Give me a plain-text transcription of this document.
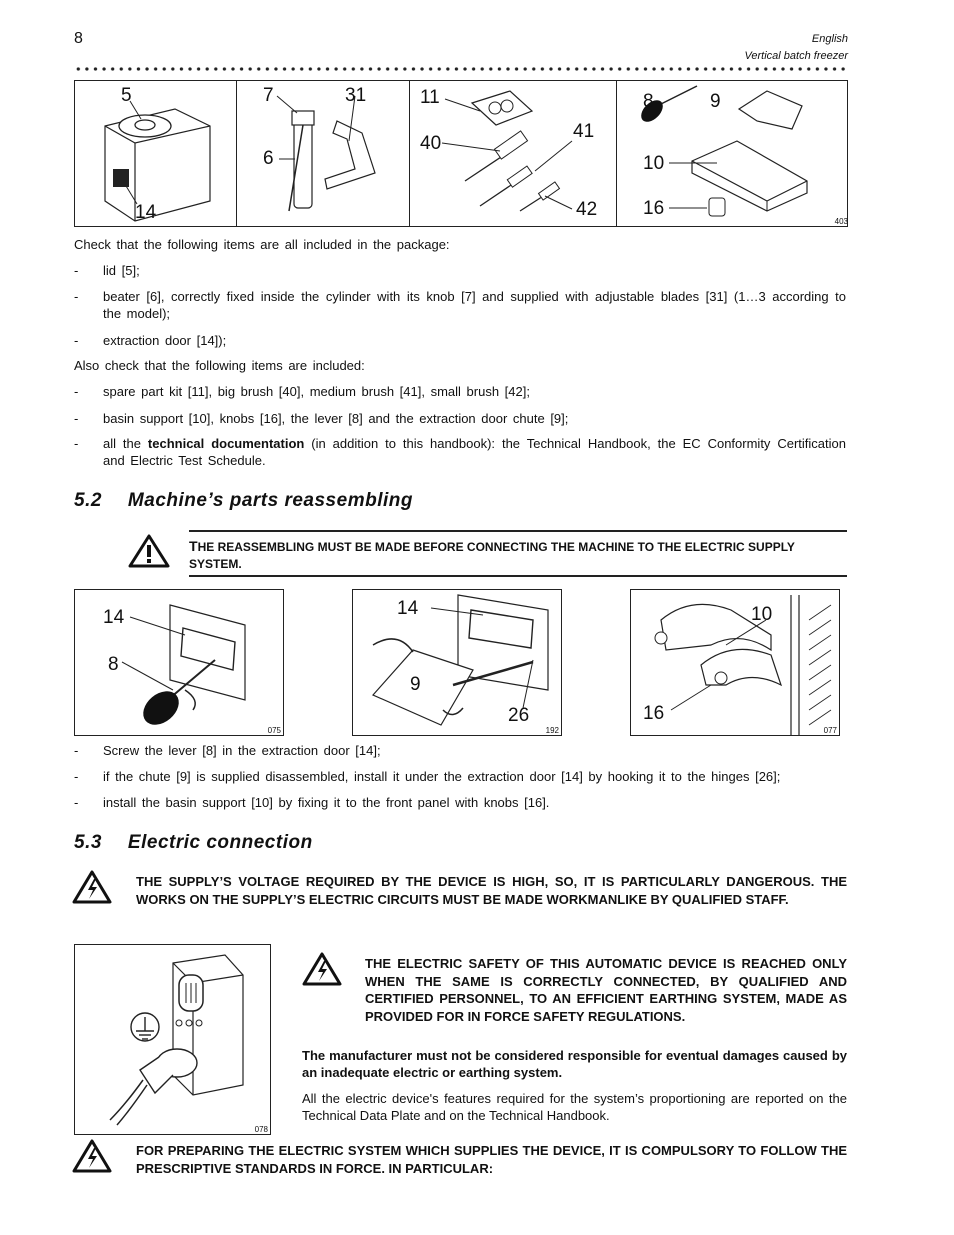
8	English
Vertical batch freezer
5
14
7	31
6
11
40
41
42
8	9
10
16
403
Check that the following items are all included in the package:
- lid [5];
- beater [6], correctly fixed inside the cylinder with its knob [7] and supplied with adjustable blades [31] (1…3 according to the model);
- extraction door [14]);
Also check that the following items are included:
- spare part kit [11], big brush [40], medium brush [41], small brush [42];
- basin support [10], knobs [16], the lever [8] and the extraction door chute [9];
- all the technical documentation (in addition to this handbook): the Technical Handbook, the EC Conformity Certification and Electric Test Schedule.
5.2 Machine’s parts reassembling
THE REASSEMBLING MUST BE MADE BEFORE CONNECTING THE MACHINE TO THE ELECTRIC SUPPLY SYSTEM.
14
8
075
14
9
26
192
10
16
077
- Screw the lever [8] in the extraction door [14];
- if the chute [9] is supplied disassembled, install it under the extraction door [14] by hooking it to the hinges [26];
- install the basin support [10] by fixing it to the front panel with knobs [16].
5.3 Electric connection
THE SUPPLY’S VOLTAGE REQUIRED BY THE DEVICE IS HIGH, SO, IT IS PARTICULARLY DANGEROUS. THE WORKS ON THE SUPPLY’S ELECTRIC CIRCUITS MUST BE MADE WORKMANLIKE BY QUALIFIED STAFF.
078
THE ELECTRIC SAFETY OF THIS AUTOMATIC DEVICE IS REACHED ONLY WHEN THE SAME IS CORRECTLY CONNECTED, BY QUALIFIED AND CERTIFIED PERSONNEL, TO AN EFFICIENT EARTHING SYSTEM, MADE AS PROVIDED FOR IN FORCE SAFETY REGULATIONS.
The manufacturer must not be considered responsible for eventual damages caused by an inadequate electric or earthing system.
All the electric device's features required for the system’s proportioning are reported on the Technical Data Plate and on the Technical Handbook.
FOR PREPARING THE ELECTRIC SYSTEM WHICH SUPPLIES THE DEVICE, IT IS COMPULSORY TO FOLLOW THE PRESCRIPTIVE STANDARDS IN FORCE. IN PARTICULAR:
